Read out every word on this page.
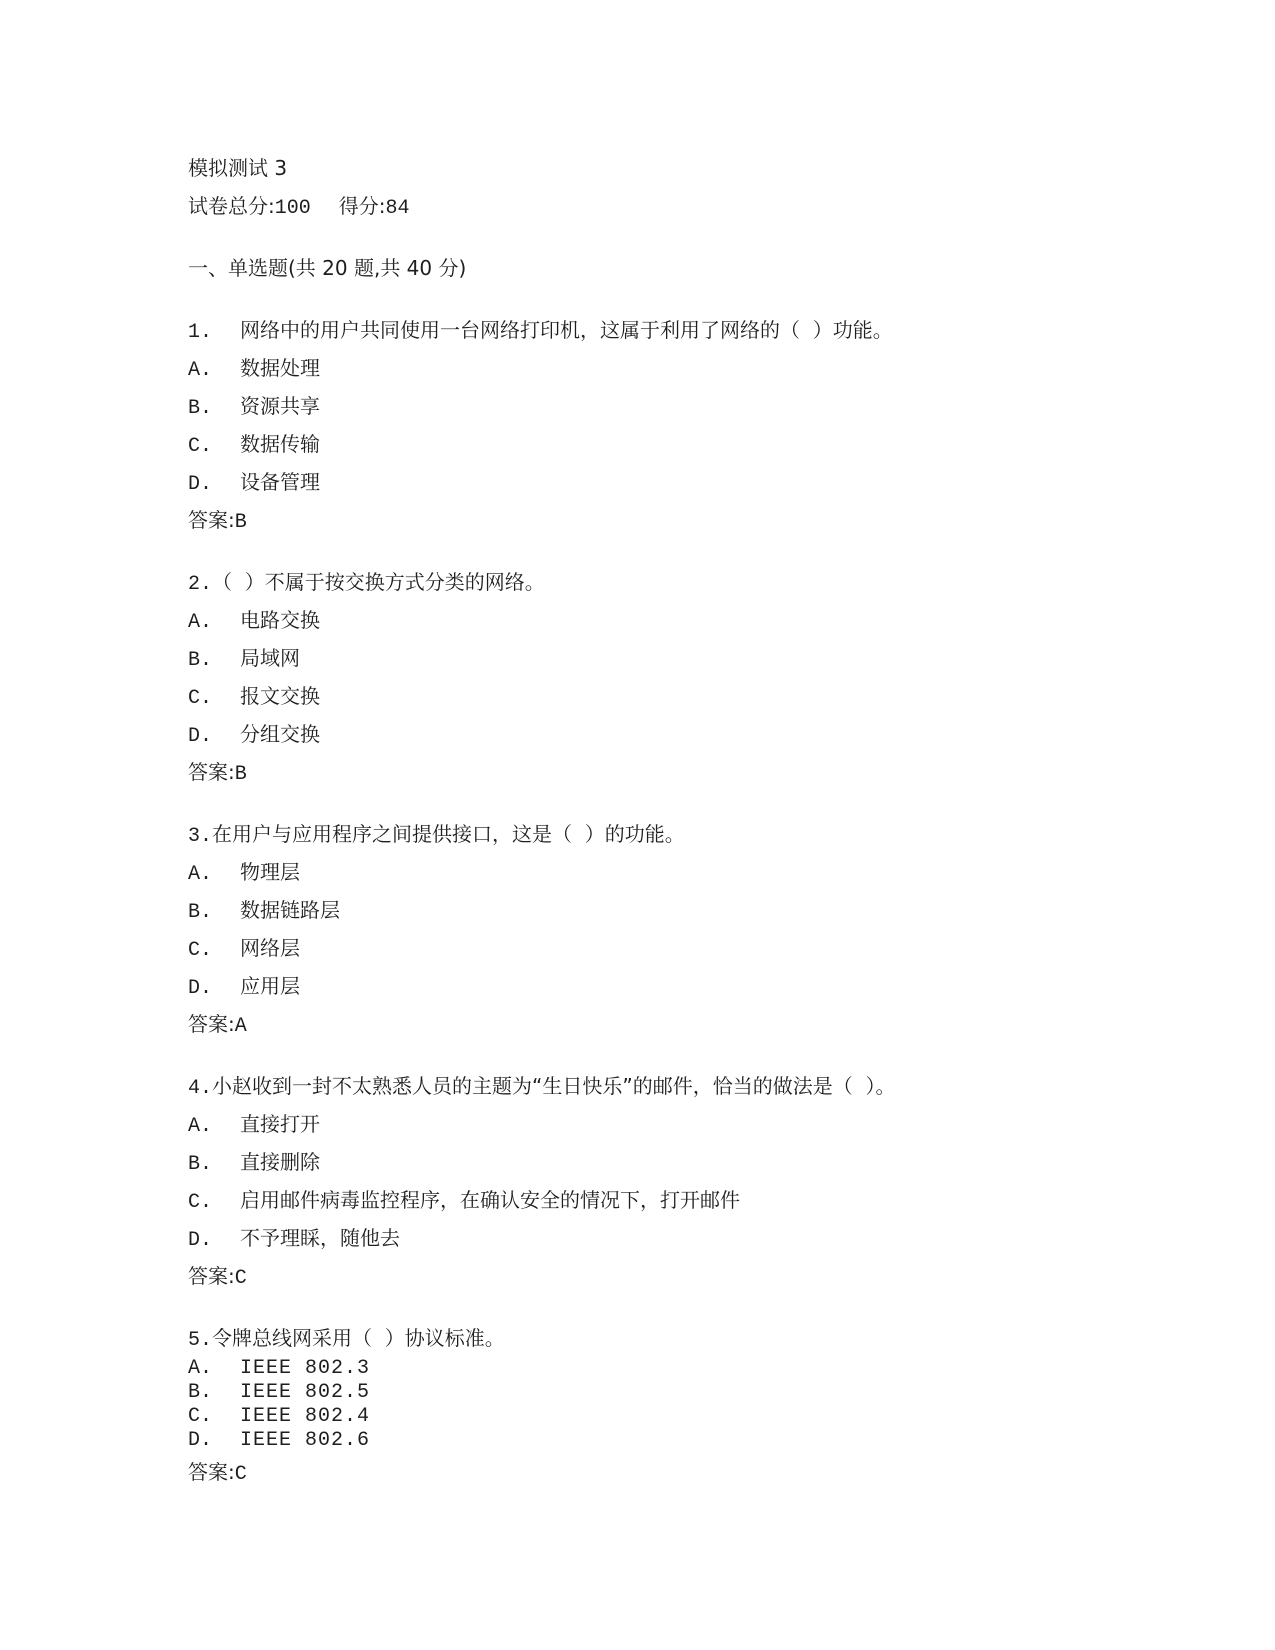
模拟测试 3
试卷总分: 100 得分: 84
一、单选题(共 20 题,共 40 分)
1.	网络中的用户共同使用一台网络打印机，这属于利用了网络的（  ）功能。
A.	数据处理
B.	资源共享
C.	数据传输
D.	设备管理
答案: B
2. （  ）不属于按交换方式分类的网络。
A.	电路交换
B.	局域网
C.	报文交换
D.	分组交换
答案: B
3. 在用户与应用程序之间提供接口，这是（  ）的功能。
A.	物理层
B.	数据链路层
C.	网络层
D.	应用层
答案: A
4. 小赵收到一封不太熟悉人员的主题为“生日快乐”的邮件，恰当的做法是（  ）。
A.	直接打开
B.	直接删除
C.	启用邮件病毒监控程序，在确认安全的情况下，打开邮件
D.	不予理睬，随他去
答案: C
5. 令牌总线网采用（  ）协议标准。
A.	IEEE 802.3
B.	IEEE 802.5
C.	IEEE 802.4
D.	IEEE 802.6
答案: C
